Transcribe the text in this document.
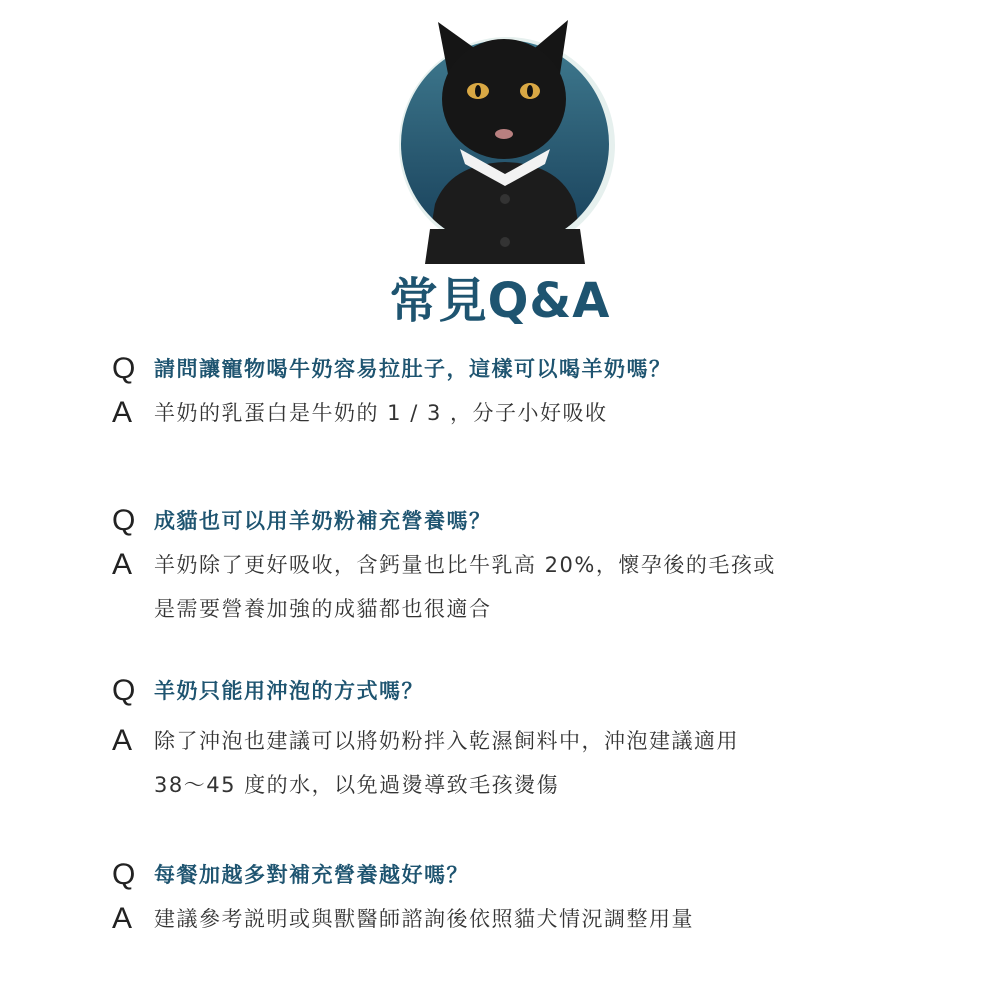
常見Q&A
Q 請問讓寵物喝牛奶容易拉肚子，這樣可以喝羊奶嗎？
A	羊奶的乳蛋白是牛奶的 1 / 3 ，分子小好吸收
Q 成貓也可以用羊奶粉補充營養嗎？
A	羊奶除了更好吸收，含鈣量也比牛乳高 20%，懷孕後的毛孩或
是需要營養加強的成貓都也很適合
Q 羊奶只能用沖泡的方式嗎？
A	除了沖泡也建議可以將奶粉拌入乾濕飼料中，沖泡建議適用
38～45 度的水，以免過燙導致毛孩燙傷
Q 每餐加越多對補充營養越好嗎？
A	建議參考説明或與獸醫師諮詢後依照貓犬情況調整用量
